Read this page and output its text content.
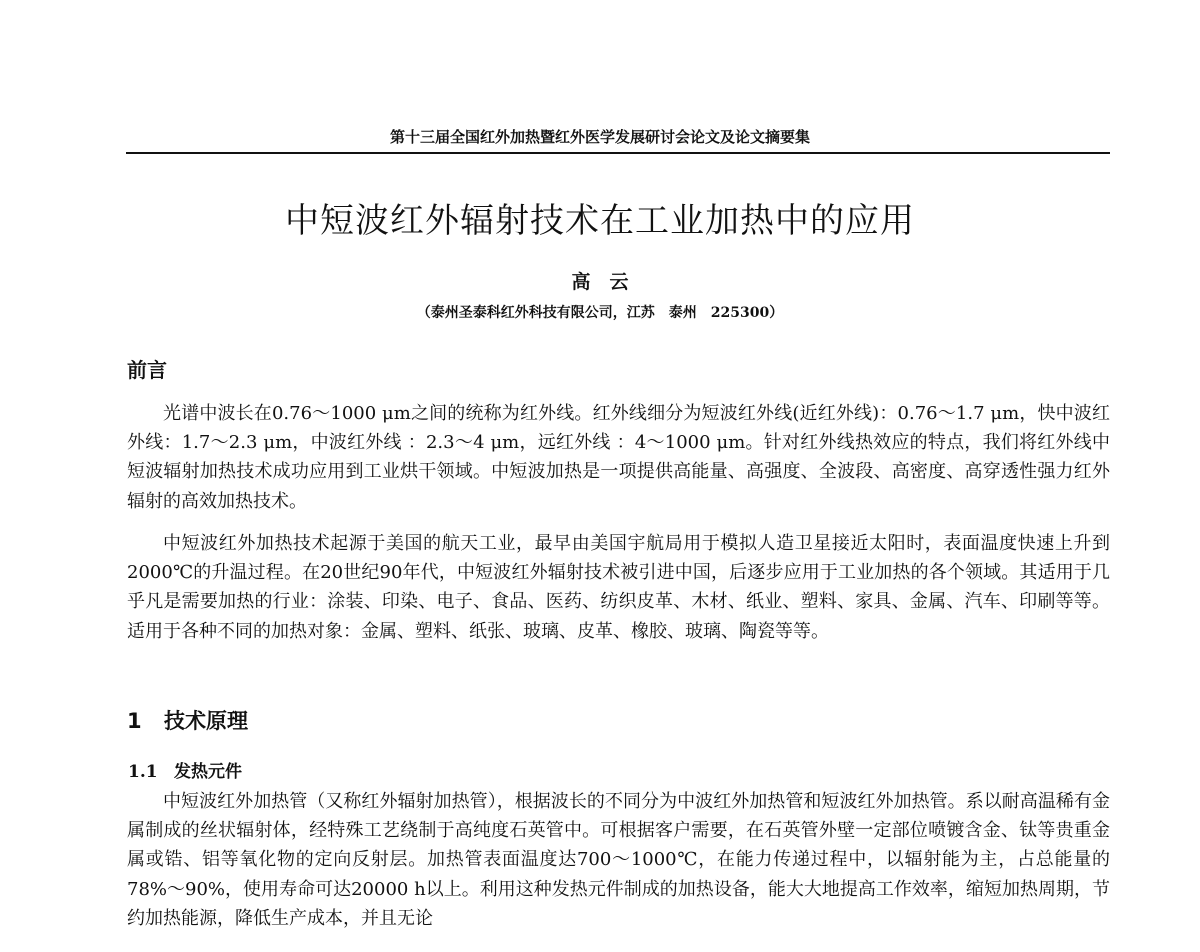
第十三届全国红外加热暨红外医学发展研讨会论文及论文摘要集
中短波红外辐射技术在工业加热中的应用
高　云
（泰州圣泰科红外科技有限公司，江苏　泰州　225300）
前言

光谱中波长在0.76～1000 μm之间的统称为红外线。红外线细分为短波红外线(近红外线)：0.76～1.7 μm，快中波红外线：1.7～2.3 μm，中波红外线 ：2.3～4 μm，远红外线 ：4～1000 μm。针对红外线热效应的特点，我们将红外线中短波辐射加热技术成功应用到工业烘干领域。中短波加热是一项提供高能量、高强度、全波段、高密度、高穿透性强力红外辐射的高效加热技术。

中短波红外加热技术起源于美国的航天工业，最早由美国宇航局用于模拟人造卫星接近太阳时，表面温度快速上升到2000℃的升温过程。在20世纪90年代，中短波红外辐射技术被引进中国，后逐步应用于工业加热的各个领域。其适用于几乎凡是需要加热的行业：涂装、印染、电子、食品、医药、纺织皮革、木材、纸业、塑料、家具、金属、汽车、印刷等等。适用于各种不同的加热对象：金属、塑料、纸张、玻璃、皮革、橡胶、玻璃、陶瓷等等。

1 技术原理
1.1 发热元件

中短波红外加热管（又称红外辐射加热管），根据波长的不同分为中波红外加热管和短波红外加热管。系以耐高温稀有金属制成的丝状辐射体，经特殊工艺绕制于高纯度石英管中。可根据客户需要，在石英管外壁一定部位喷镀含金、钛等贵重金属或锆、铝等氧化物的定向反射层。加热管表面温度达700～1000℃，在能力传递过程中，以辐射能为主，占总能量的78%～90%，使用寿命可达20000 h以上。利用这种发热元件制成的加热设备，能大大地提高工作效率，缩短加热周期，节约加热能源，降低生产成本，并且无论
